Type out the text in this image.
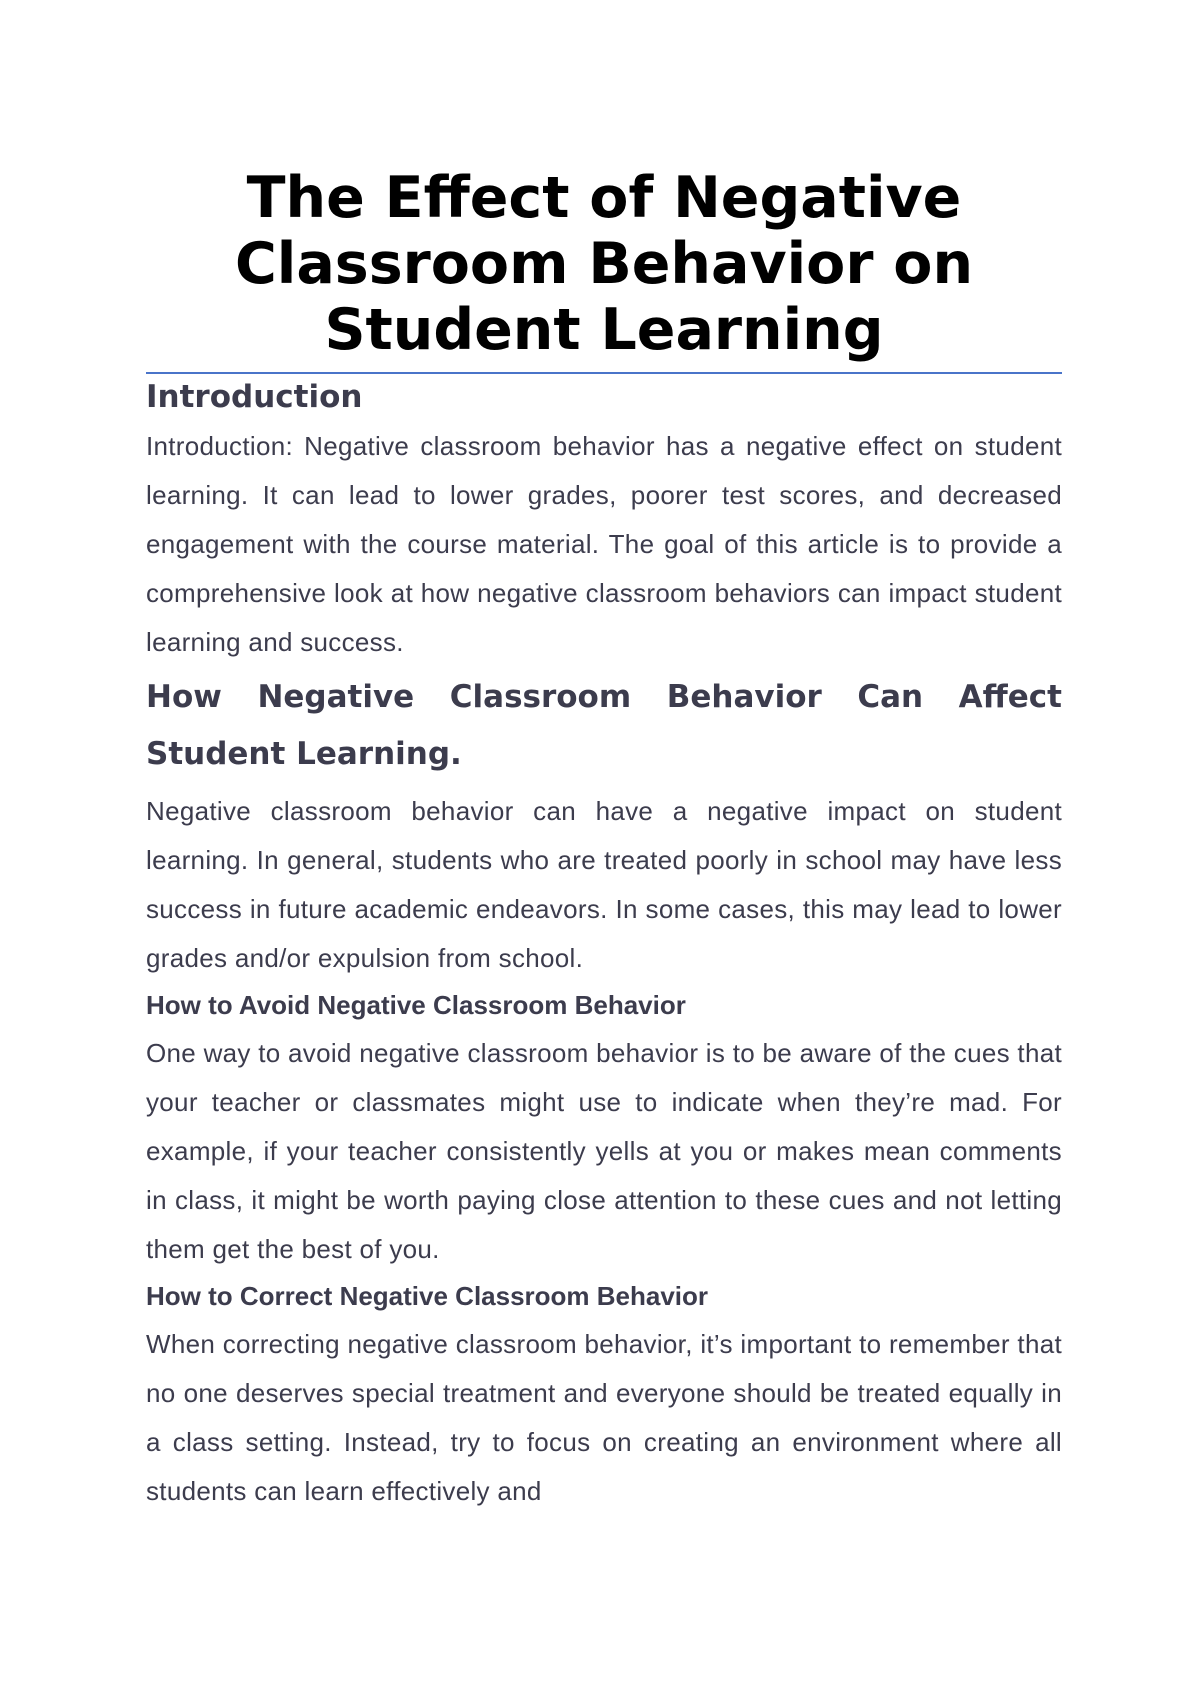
The Effect of Negative Classroom Behavior on Student Learning
Introduction

Introduction: Negative classroom behavior has a negative effect on student learning. It can lead to lower grades, poorer test scores, and decreased engagement with the course material. The goal of this article is to provide a comprehensive look at how negative classroom behaviors can impact student learning and success.

How Negative Classroom Behavior Can Affect Student Learning.

Negative classroom behavior can have a negative impact on student learning. In general, students who are treated poorly in school may have less success in future academic endeavors. In some cases, this may lead to lower grades and/or expulsion from school.

How to Avoid Negative Classroom Behavior

One way to avoid negative classroom behavior is to be aware of the cues that your teacher or classmates might use to indicate when they’re mad. For example, if your teacher consistently yells at you or makes mean comments in class, it might be worth paying close attention to these cues and not letting them get the best of you.

How to Correct Negative Classroom Behavior

When correcting negative classroom behavior, it’s important to remember that no one deserves special treatment and everyone should be treated equally in a class setting. Instead, try to focus on creating an environment where all students can learn effectively and
